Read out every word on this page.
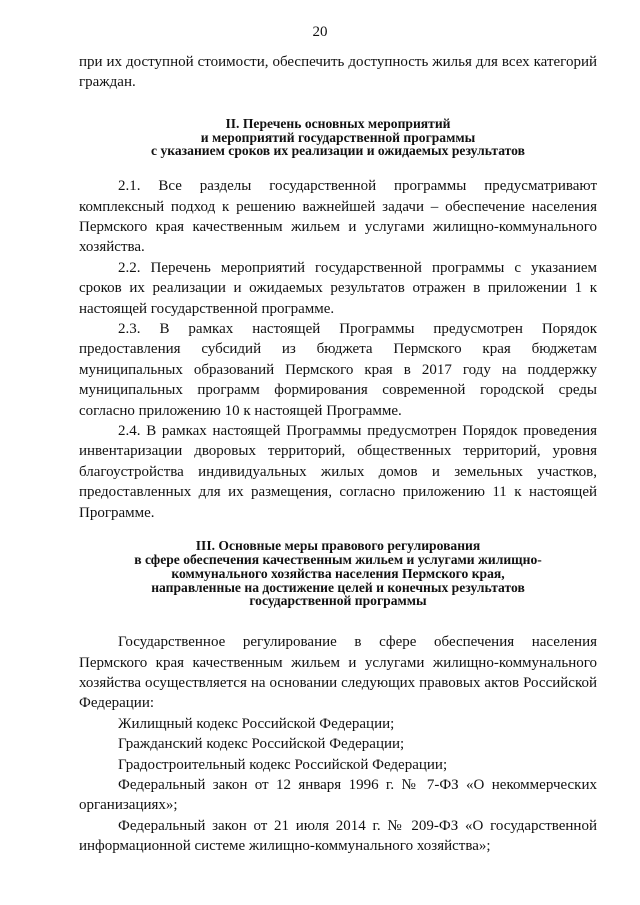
20

при их доступной стоимости, обеспечить доступность жилья для всех категорий граждан.

II. Перечень основных мероприятий

и мероприятий государственной программы

с указанием сроков их реализации и ожидаемых результатов

2.1. Все разделы государственной программы предусматривают комплексный подход к решению важнейшей задачи – обеспечение населения Пермского края качественным жильем и услугами жилищно-коммунального хозяйства.

2.2. Перечень мероприятий государственной программы с указанием сроков их реализации и ожидаемых результатов отражен в приложении 1 к настоящей государственной программе.

2.3. В рамках настоящей Программы предусмотрен Порядок предоставления субсидий из бюджета Пермского края бюджетам муниципальных образований Пермского края в 2017 году на поддержку муниципальных программ формирования современной городской среды согласно приложению 10 к настоящей Программе.

2.4. В рамках настоящей Программы предусмотрен Порядок проведения инвентаризации дворовых территорий, общественных территорий, уровня благоустройства индивидуальных жилых домов и земельных участков, предоставленных для их размещения, согласно приложению 11 к настоящей Программе.

III. Основные меры правового регулирования

в сфере обеспечения качественным жильем и услугами жилищно-

коммунального хозяйства населения Пермского края,

направленные на достижение целей и конечных результатов

государственной программы

Государственное регулирование в сфере обеспечения населения Пермского края качественным жильем и услугами жилищно-коммунального хозяйства осуществляется на основании следующих правовых актов Российской Федерации:

Жилищный кодекс Российской Федерации;

Гражданский кодекс Российской Федерации;

Градостроительный кодекс Российской Федерации;

Федеральный закон от 12 января 1996 г. № 7-ФЗ «О некоммерческих организациях»;

Федеральный закон от 21 июля 2014 г. № 209-ФЗ «О государственной информационной системе жилищно-коммунального хозяйства»;
